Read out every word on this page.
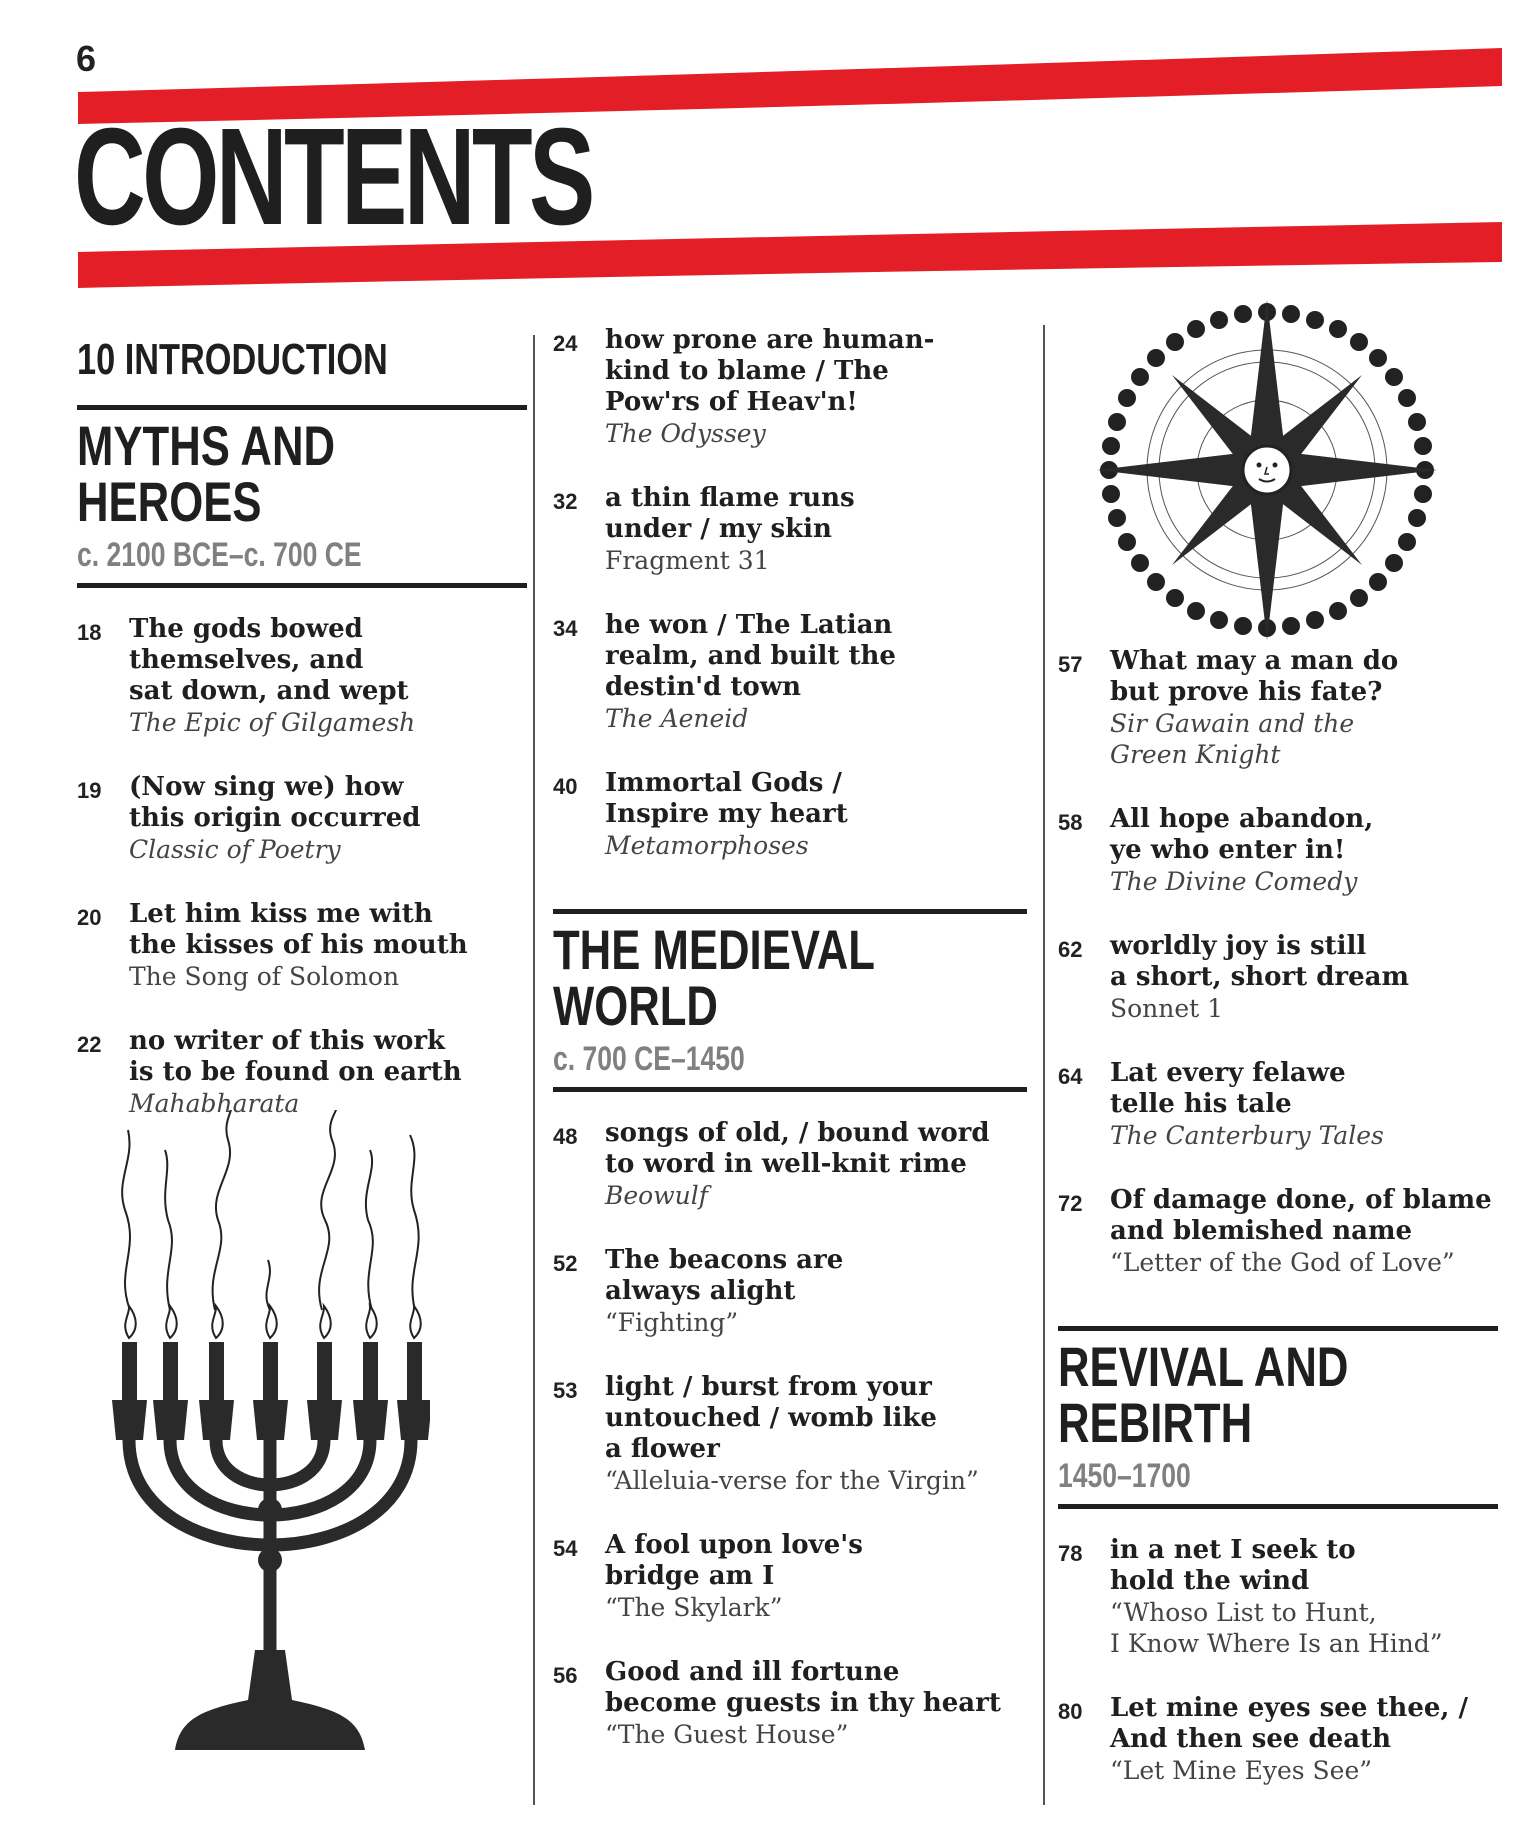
6
CONTENTS
10 INTRODUCTION
MYTHS AND
HEROES
c. 2100 BCE–c. 700 CE
18	The gods bowed
themselves, and
sat down, and wept
The Epic of Gilgamesh
19	(Now sing we) how
this origin occurred
Classic of Poetry
20	Let him kiss me with
the kisses of his mouth
The Song of Solomon
22	no writer of this work
is to be found on earth
Mahabharata
24	how prone are human-
kind to blame / The
Pow'rs of Heav'n!
The Odyssey
32	a thin flame runs
under / my skin
Fragment 31
34	he won / The Latian
realm, and built the
destin'd town
The Aeneid
40	Immortal Gods /
Inspire my heart
Metamorphoses
THE MEDIEVAL
WORLD
c. 700 CE–1450
48	songs of old, / bound word
to word in well-knit rime
Beowulf
52	The beacons are
always alight
“Fighting”
53	light / burst from your
untouched / womb like
a flower
“Alleluia-verse for the Virgin”
54	A fool upon love's
bridge am I
“The Skylark”
56	Good and ill fortune
become guests in thy heart
“The Guest House”
57	What may a man do
but prove his fate?
Sir Gawain and the
Green Knight
58	All hope abandon,
ye who enter in!
The Divine Comedy
62	worldly joy is still
a short, short dream
Sonnet 1
64	Lat every felawe
telle his tale
The Canterbury Tales
72	Of damage done, of blame
and blemished name
“Letter of the God of Love”
REVIVAL AND
REBIRTH
1450–1700
78	in a net I seek to
hold the wind
“Whoso List to Hunt,
I Know Where Is an Hind”
80	Let mine eyes see thee, /
And then see death
“Let Mine Eyes See”
